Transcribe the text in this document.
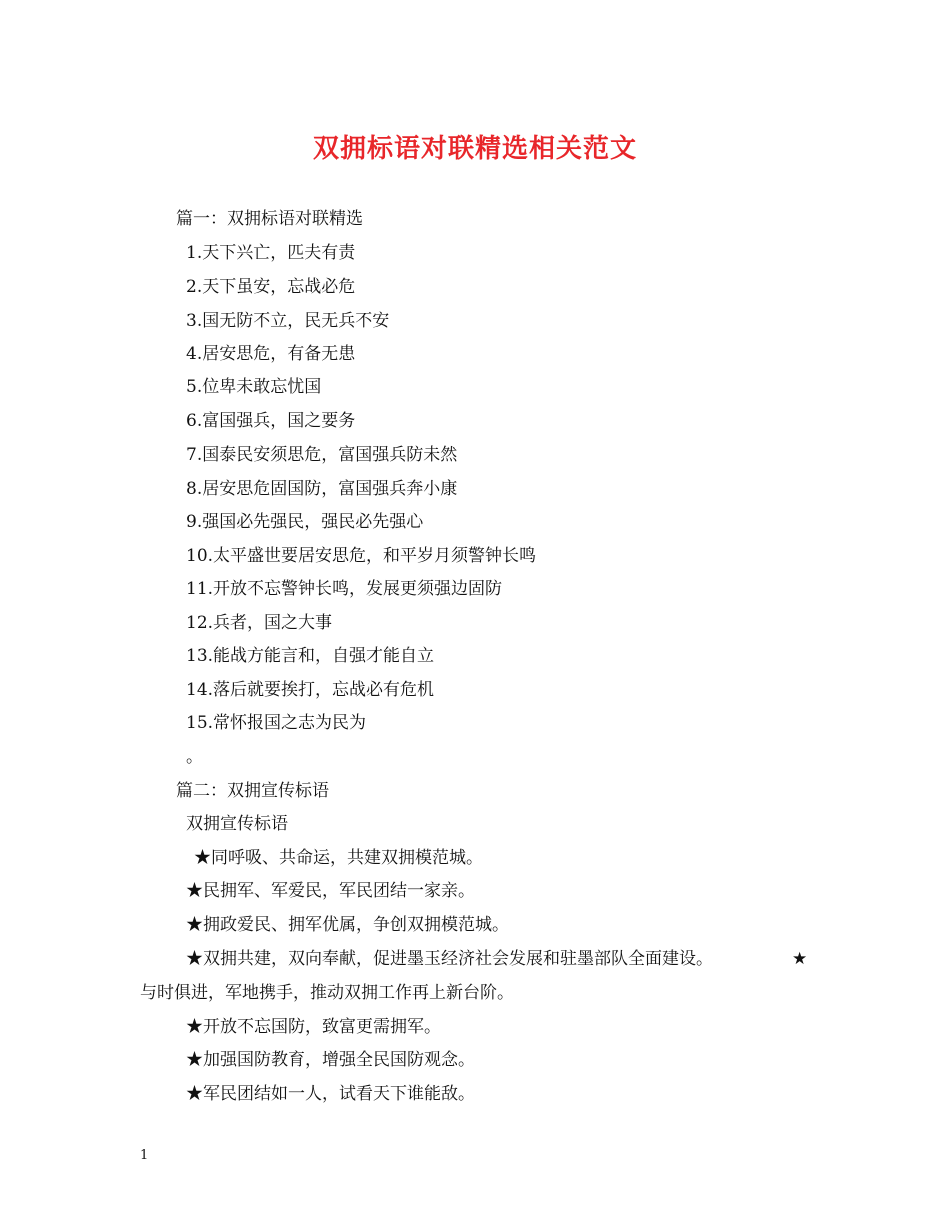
双拥标语对联精选相关范文
篇一：双拥标语对联精选
1.天下兴亡，匹夫有责
2.天下虽安，忘战必危
3.国无防不立，民无兵不安
4.居安思危，有备无患
5.位卑未敢忘忧国
6.富国强兵，国之要务
7.国泰民安须思危，富国强兵防未然
8.居安思危固国防，富国强兵奔小康
9.强国必先强民，强民必先强心
10.太平盛世要居安思危，和平岁月须警钟长鸣
11.开放不忘警钟长鸣，发展更须强边固防
12.兵者，国之大事
13.能战方能言和，自强才能自立
14.落后就要挨打，忘战必有危机
15.常怀报国之志为民为
。
篇二：双拥宣传标语
双拥宣传标语
★同呼吸、共命运，共建双拥模范城。
★民拥军、军爱民，军民团结一家亲。
★拥政爱民、拥军优属，争创双拥模范城。
★双拥共建，双向奉献，促进墨玉经济社会发展和驻墨部队全面建设。	★
与时俱进，军地携手，推动双拥工作再上新台阶。
★开放不忘国防，致富更需拥军。
★加强国防教育，增强全民国防观念。
★军民团结如一人，试看天下谁能敌。
1
